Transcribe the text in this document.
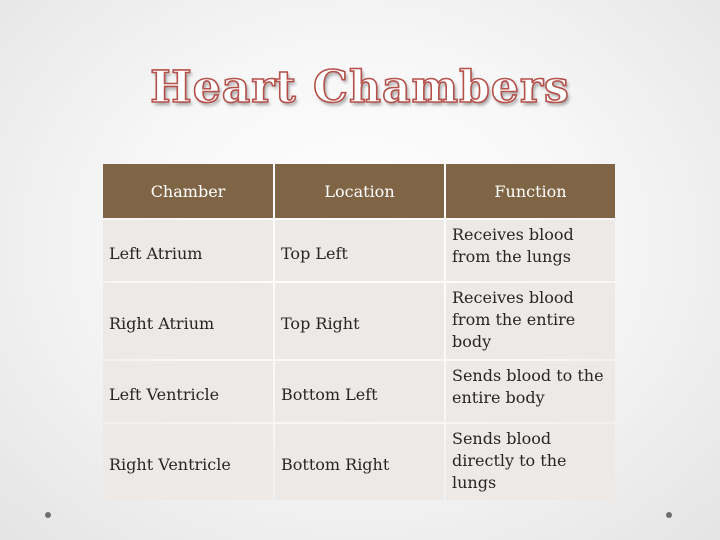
Heart Chambers
Chamber	Location	Function
Left Atrium	Top Left	Receives blood from the lungs
Right Atrium	Top Right	Receives blood from the entire body
Left Ventricle	Bottom Left	Sends blood to the entire body
Right Ventricle	Bottom Right	Sends blood directly to the lungs
